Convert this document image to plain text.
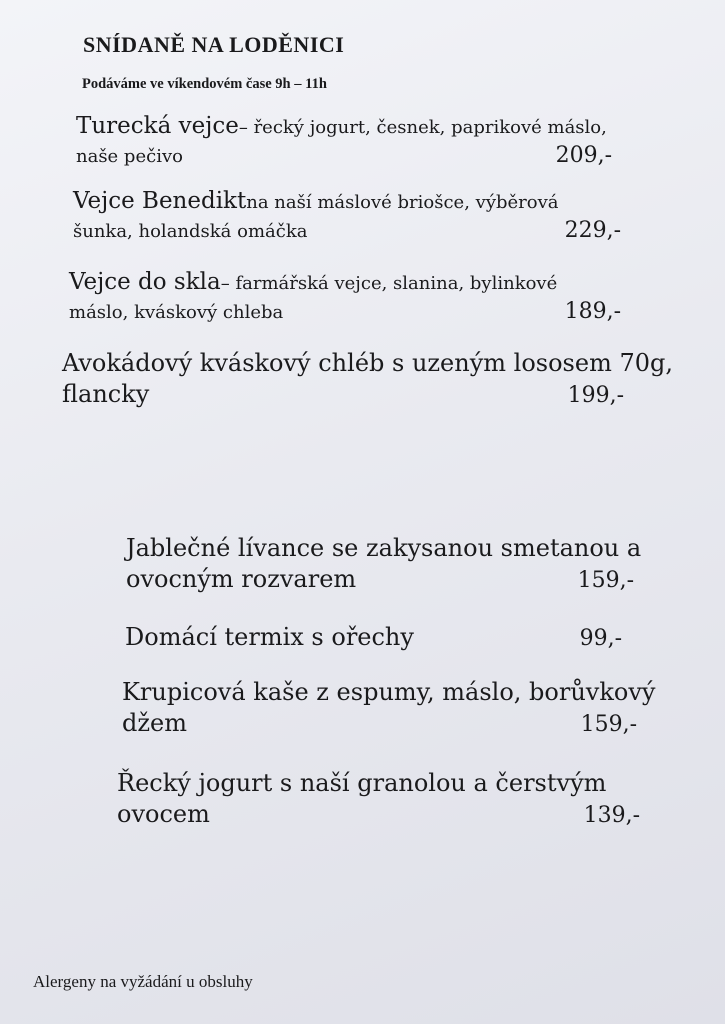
SNÍDANĚ NA LODĚNICI
Podáváme ve víkendovém čase 9h – 11h
Turecká vejce – řecký jogurt, česnek, paprikové máslo,
naše pečivo	209,-
Vejce Benedikt na naší máslové briošce, výběrová
šunka, holandská omáčka	229,-
Vejce do skla – farmářská vejce, slanina, bylinkové
máslo, kváskový chleba	189,-
Avokádový kváskový chléb s uzeným lososem 70g,
flancky	199,-
Jablečné lívance se zakysanou smetanou a
ovocným rozvarem	159,-
Domácí termix s ořechy	99,-
Krupicová kaše z espumy, máslo, borůvkový
džem	159,-
Řecký jogurt s naší granolou a čerstvým
ovocem	139,-
Alergeny na vyžádání u obsluhy
